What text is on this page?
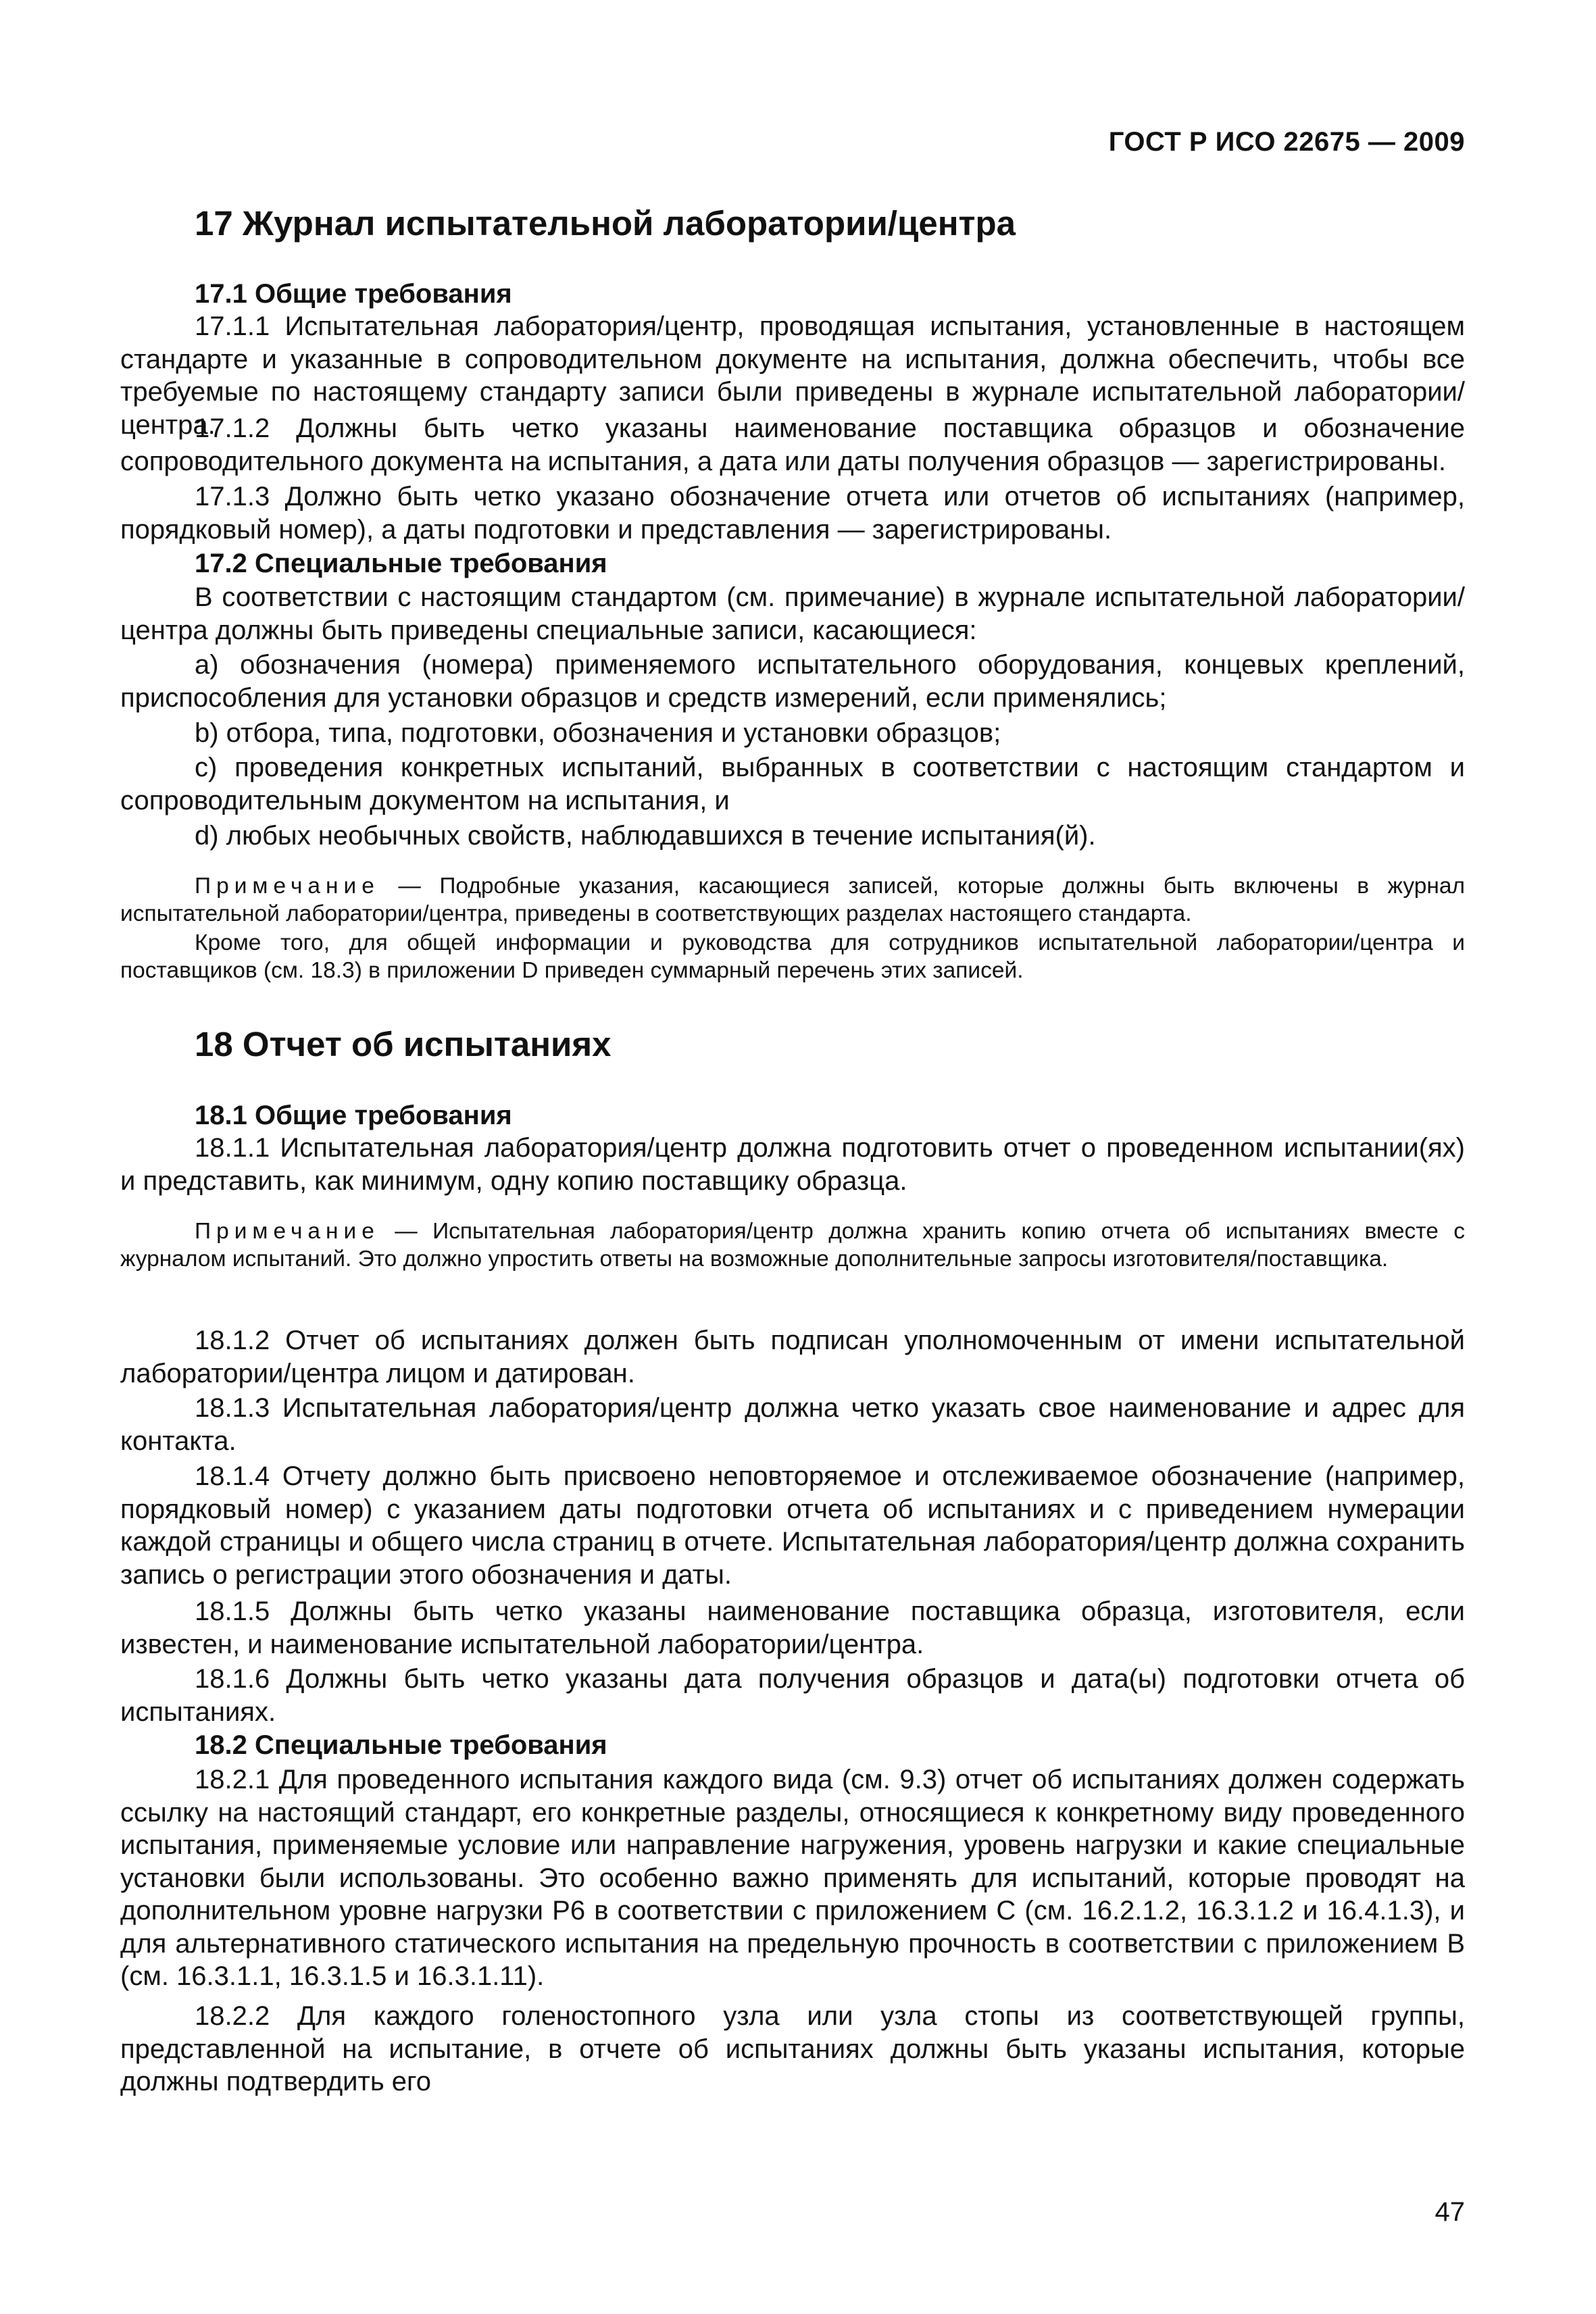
ГОСТ Р ИСО 22675 — 2009
17 Журнал испытательной лаборатории/центра
17.1 Общие требования

17.1.1 Испытательная лаборатория/центр, проводящая испытания, установленные в настоящем стандарте и указанные в сопроводительном документе на испытания, должна обеспечить, чтобы все требуемые по настоящему стандарту записи были приведены в журнале испытательной лаборатории/центра.

17.1.2 Должны быть четко указаны наименование поставщика образцов и обозначение сопроводительного документа на испытания, а дата или даты получения образцов — зарегистрированы.

17.1.3 Должно быть четко указано обозначение отчета или отчетов об испытаниях (например, порядковый номер), а даты подготовки и представления — зарегистрированы.

17.2 Специальные требования

В соответствии с настоящим стандартом (см. примечание) в журнале испытательной лаборатории/центра должны быть приведены специальные записи, касающиеся:

a) обозначения (номера) применяемого испытательного оборудования, концевых креплений, приспособления для установки образцов и средств измерений, если применялись;

b) отбора, типа, подготовки, обозначения и установки образцов;

c) проведения конкретных испытаний, выбранных в соответствии с настоящим стандартом и сопроводительным документом на испытания, и

d) любых необычных свойств, наблюдавшихся в течение испытания(й).

Примечание — Подробные указания, касающиеся записей, которые должны быть включены в журнал испытательной лаборатории/центра, приведены в соответствующих разделах настоящего стандарта.

Кроме того, для общей информации и руководства для сотрудников испытательной лаборатории/центра и поставщиков (см. 18.3) в приложении D приведен суммарный перечень этих записей.

18 Отчет об испытаниях
18.1 Общие требования

18.1.1 Испытательная лаборатория/центр должна подготовить отчет о проведенном испытании(ях) и представить, как минимум, одну копию поставщику образца.

Примечание — Испытательная лаборатория/центр должна хранить копию отчета об испытаниях вместе с журналом испытаний. Это должно упростить ответы на возможные дополнительные запросы изготовителя/поставщика.

18.1.2 Отчет об испытаниях должен быть подписан уполномоченным от имени испытательной лаборатории/центра лицом и датирован.

18.1.3 Испытательная лаборатория/центр должна четко указать свое наименование и адрес для контакта.

18.1.4 Отчету должно быть присвоено неповторяемое и отслеживаемое обозначение (например, порядковый номер) с указанием даты подготовки отчета об испытаниях и с приведением нумерации каждой страницы и общего числа страниц в отчете. Испытательная лаборатория/центр должна сохранить запись о регистрации этого обозначения и даты.

18.1.5 Должны быть четко указаны наименование поставщика образца, изготовителя, если известен, и наименование испытательной лаборатории/центра.

18.1.6 Должны быть четко указаны дата получения образцов и дата(ы) подготовки отчета об испытаниях.

18.2 Специальные требования

18.2.1 Для проведенного испытания каждого вида (см. 9.3) отчет об испытаниях должен содержать ссылку на настоящий стандарт, его конкретные разделы, относящиеся к конкретному виду проведенного испытания, применяемые условие или направление нагружения, уровень нагрузки и какие специальные установки были использованы. Это особенно важно применять для испытаний, которые проводят на дополнительном уровне нагрузки P6 в соответствии с приложением C (см. 16.2.1.2, 16.3.1.2 и 16.4.1.3), и для альтернативного статического испытания на предельную прочность в соответствии с приложением B (см. 16.3.1.1, 16.3.1.5 и 16.3.1.11).

18.2.2 Для каждого голеностопного узла или узла стопы из соответствующей группы, представленной на испытание, в отчете об испытаниях должны быть указаны испытания, которые должны подтвердить его

47
